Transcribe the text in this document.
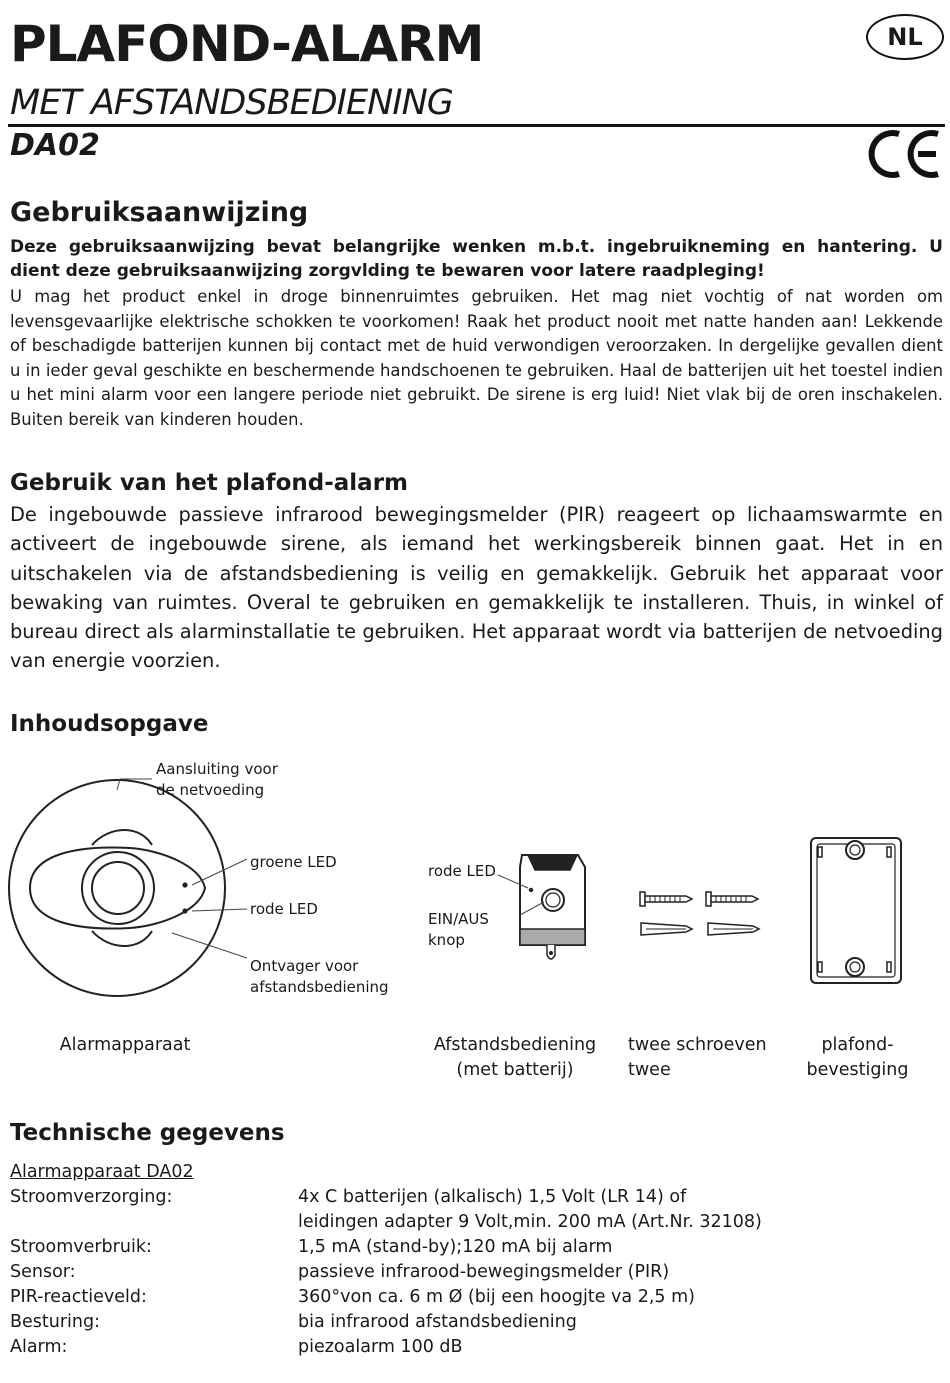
PLAFOND-ALARM
MET AFSTANDSBEDIENING
DA02
NL
Gebruiksaanwijzing
Deze gebruiksaanwijzing bevat belangrijke wenken m.b.t. ingebruikneming en hantering. U dient deze gebruiksaanwijzing zorgvlding te bewaren voor latere raadpleging!
U mag het product enkel in droge binnenruimtes gebruiken. Het mag niet vochtig of nat worden om levensgevaarlijke elektrische schokken te voorkomen! Raak het product nooit met natte handen aan! Lekkende of beschadigde batterijen kunnen bij contact met de huid verwondigen veroorzaken. In dergelijke gevallen dient u in ieder geval geschikte en beschermende handschoenen te gebruiken. Haal de batterijen uit het toestel indien u het mini alarm voor een langere periode niet gebruikt. De sirene is erg luid! Niet vlak bij de oren inschakelen. Buiten bereik van kinderen houden.
Gebruik van het plafond-alarm
De ingebouwde passieve infrarood bewegingsmelder (PIR) reageert op lichaamswarmte en activeert de ingebouwde sirene, als iemand het werkingsbereik binnen gaat. Het in en uitschakelen via de afstandsbediening is veilig en gemakkelijk. Gebruik het apparaat voor bewaking van ruimtes. Overal te gebruiken en gemakkelijk te installeren. Thuis, in winkel of bureau direct als alarminstallatie te gebruiken. Het apparaat wordt via batterijen de netvoeding van energie voorzien.
Inhoudsopgave
Aansluiting voor
de netvoeding
groene LED
rode LED
Ontvager voor
afstandsbediening
rode LED
EIN/AUS
knop
Alarmapparaat	Afstandsbediening
(met batterij)
twee schroeven
twee
plafond-
bevestiging
Technische gegevens
Alarmapparaat DA02
Stroomverzorging:	4x C batterijen (alkalisch) 1,5 Volt (LR 14) of
leidingen adapter 9 Volt,min. 200 mA (Art.Nr. 32108)
Stroomverbruik:	1,5 mA (stand-by);120 mA bij alarm
Sensor:	passieve infrarood-bewegingsmelder (PIR)
PIR-reactieveld:	360°von ca. 6 m Ø (bij een hoogjte va 2,5 m)
Besturing:	bia infrarood afstandsbediening
Alarm:	piezoalarm 100 dB
